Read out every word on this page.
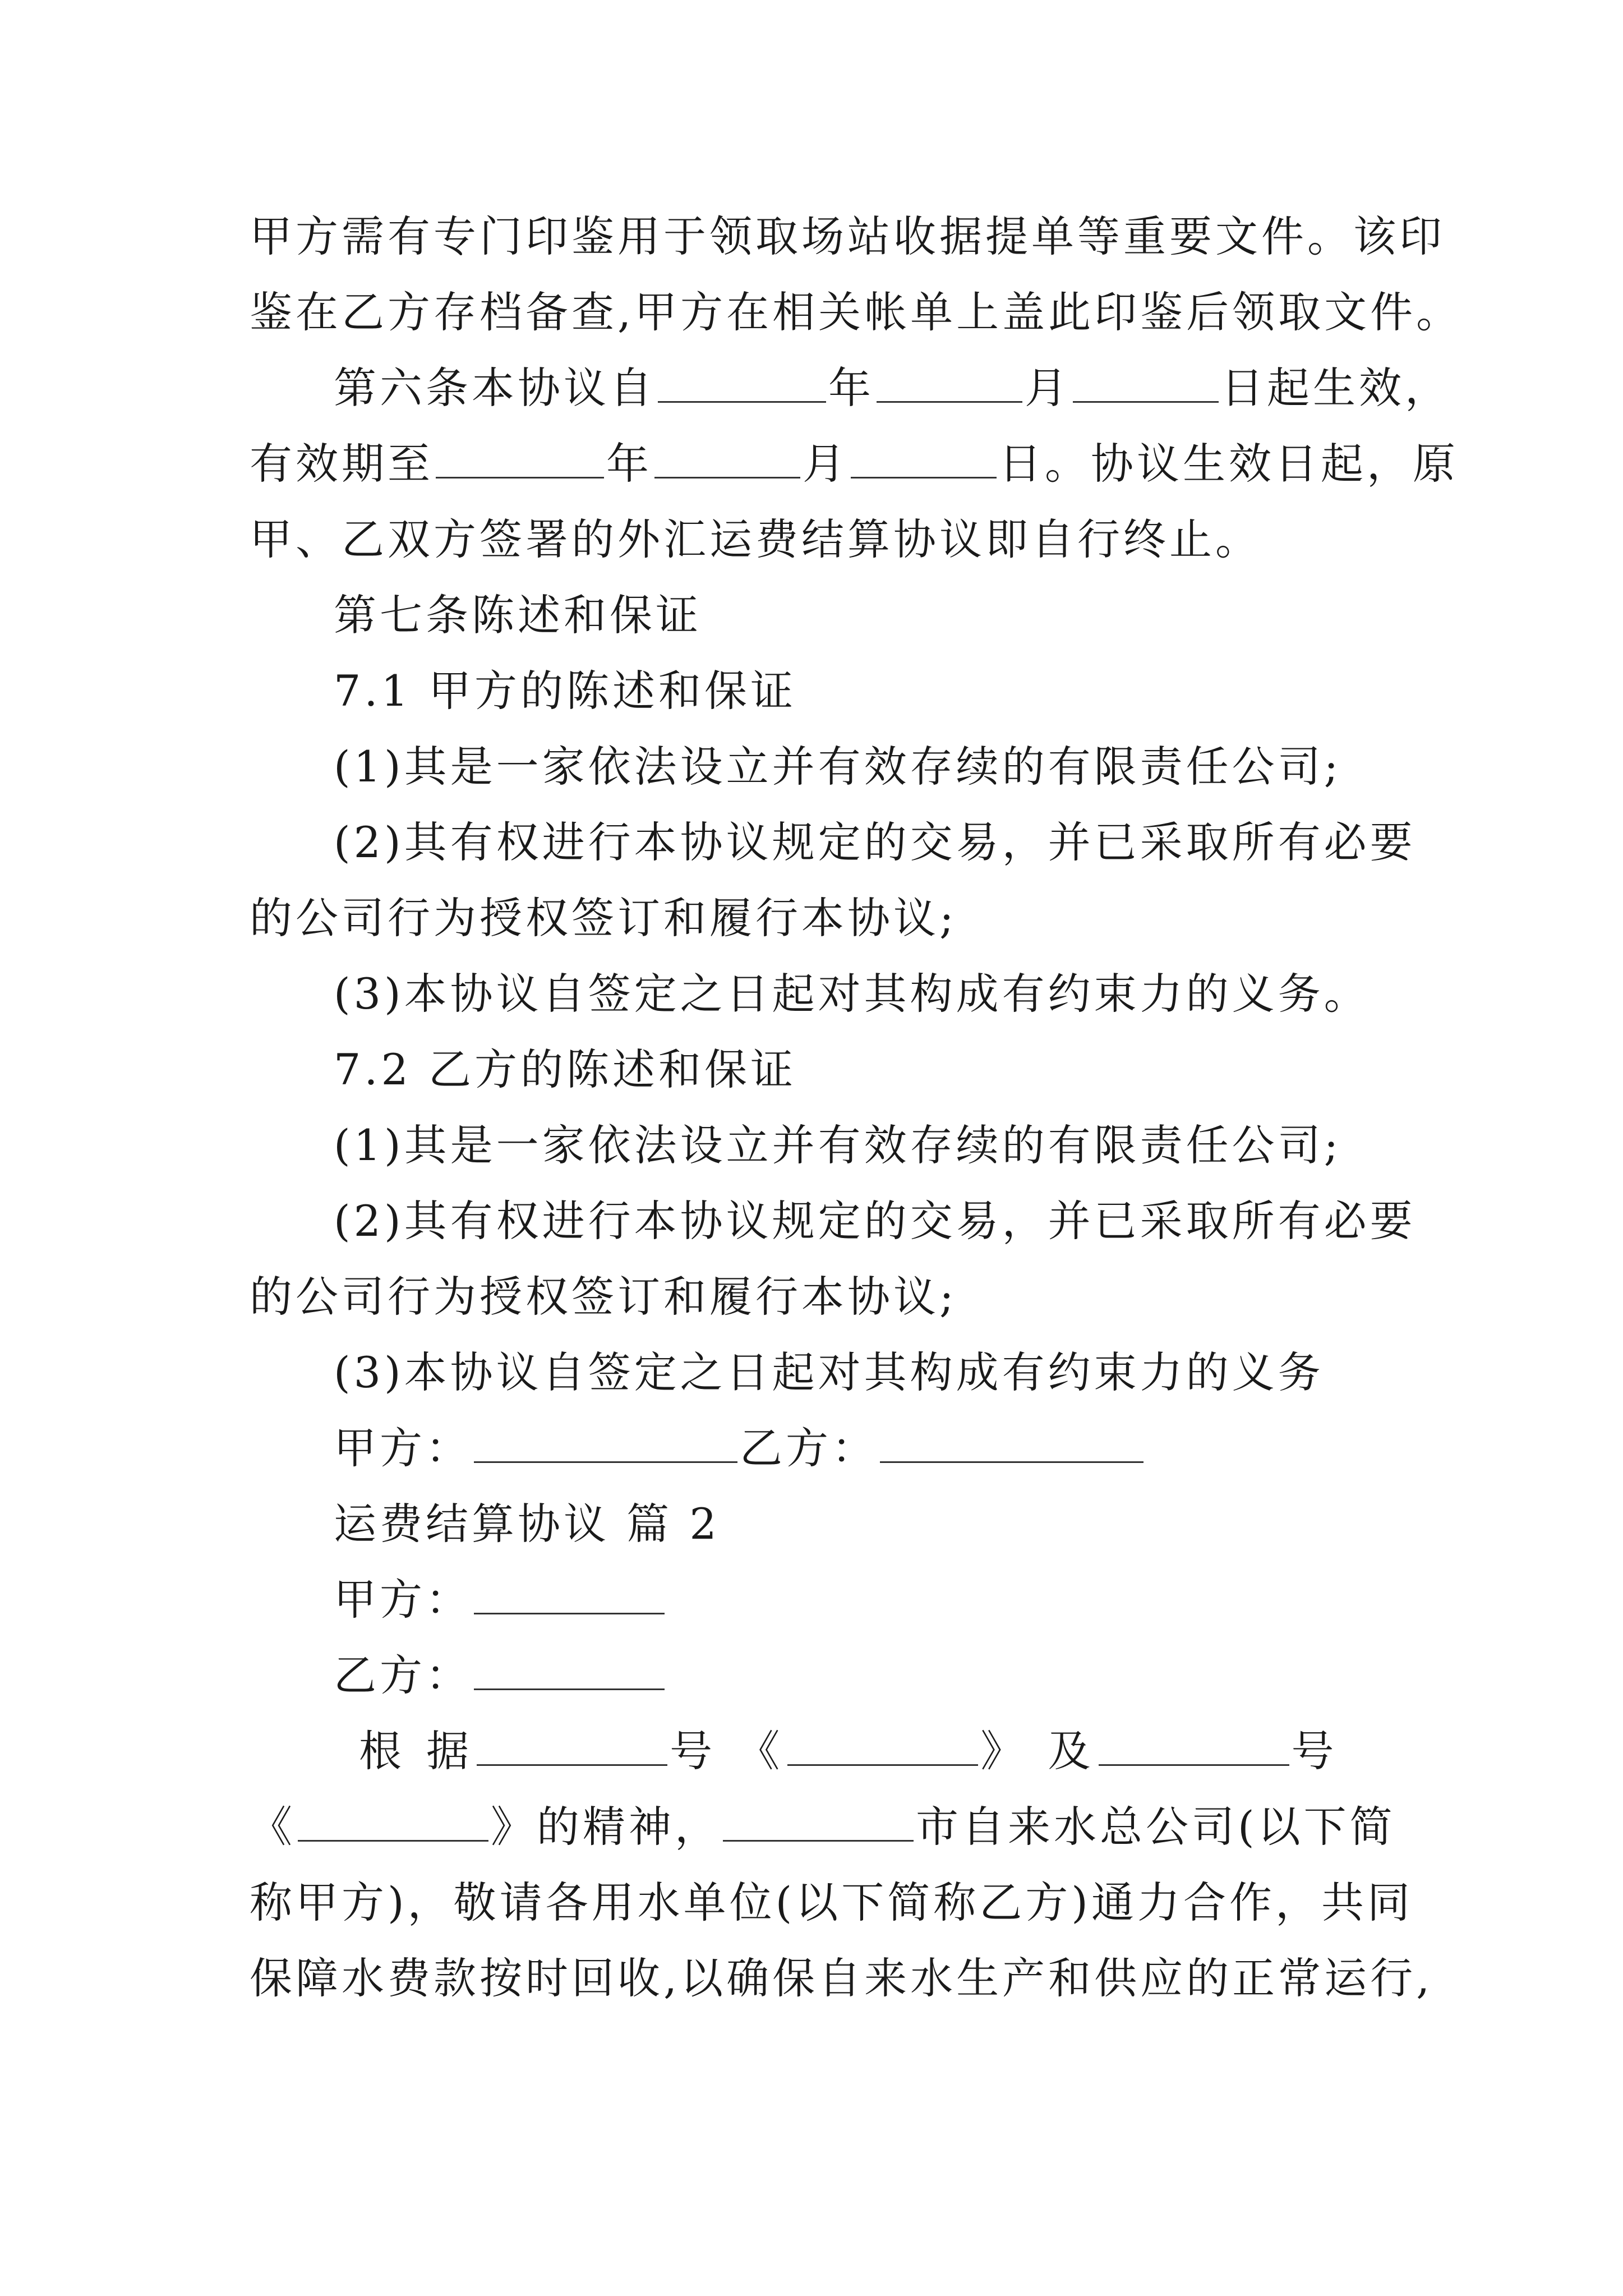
甲方需有专门印鉴用于领取场站收据提单等重要文件。该印
鉴在乙方存档备查,甲方在相关帐单上盖此印鉴后领取文件。
第六条本协议自	年	月	日起生效，
有效期至	年	月	日。协议生效日起，原
甲、乙双方签署的外汇运费结算协议即自行终止。
第七条陈述和保证
7.1 甲方的陈述和保证
(1)其是一家依法设立并有效存续的有限责任公司;
(2)其有权进行本协议规定的交易，并已采取所有必要
的公司行为授权签订和履行本协议;
(3)本协议自签定之日起对其构成有约束力的义务。
7.2 乙方的陈述和保证
(1)其是一家依法设立并有效存续的有限责任公司;
(2)其有权进行本协议规定的交易，并已采取所有必要
的公司行为授权签订和履行本协议;
(3)本协议自签定之日起对其构成有约束力的义务
甲方：	乙方：
运费结算协议 篇 2
甲方：
乙方：
根 据	号 《	》 及	号
《	》的精神，	市自来水总公司(以下简
称甲方)，敬请各用水单位(以下简称乙方)通力合作，共同
保障水费款按时回收,以确保自来水生产和供应的正常运行,
